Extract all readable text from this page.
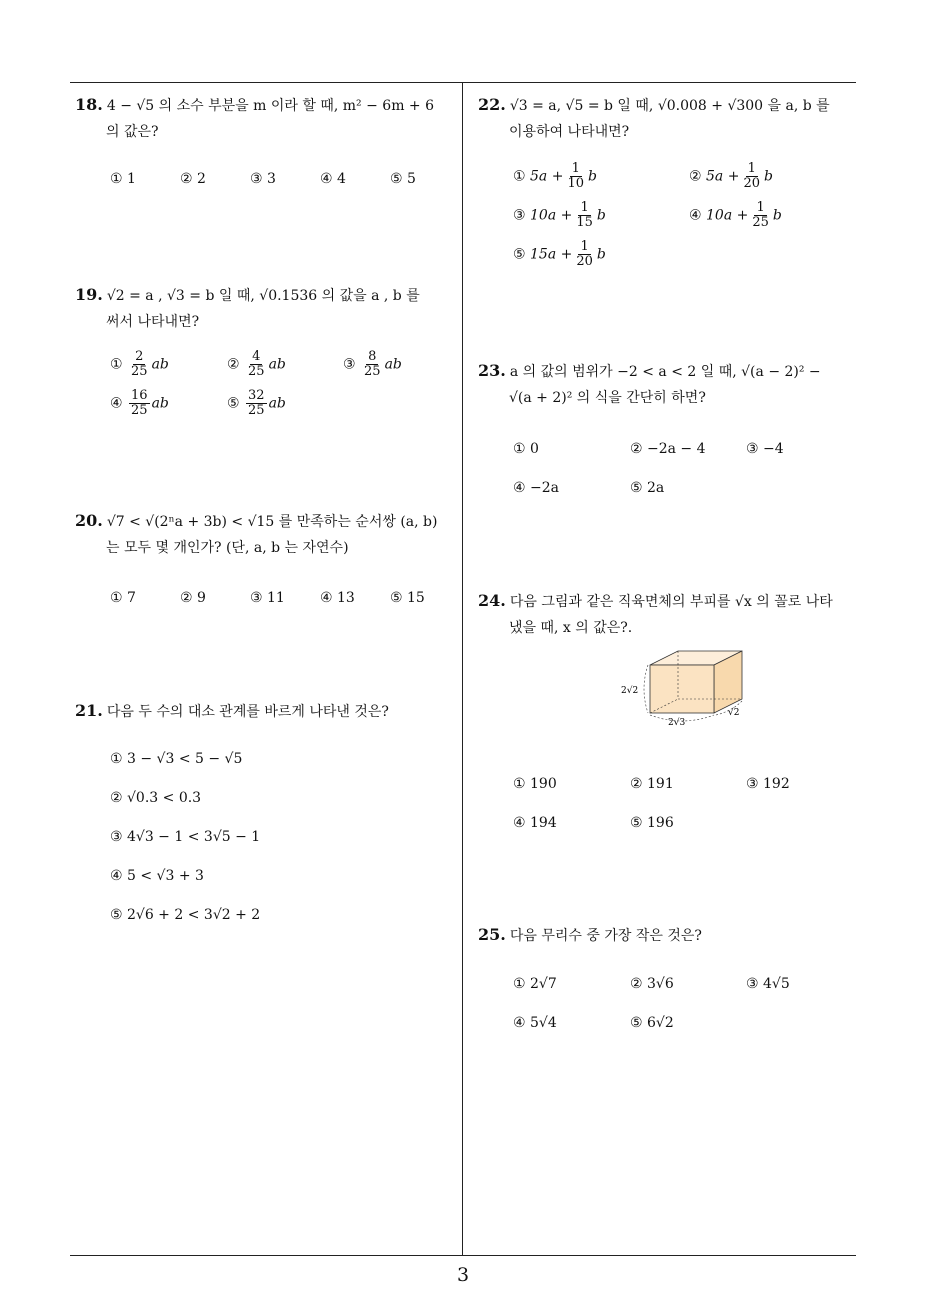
18. 4 − √5 의 소수 부분을 m 이라 할 때, m² − 6m + 6
의 값은?
① 1	② 2	③ 3	④ 4	⑤ 5
19. √2 = a , √3 = b 일 때, √0.1536 의 값을 a , b 를
써서 나타내면?
① $\frac{2}{25}$ ab	② $\frac{4}{25}$ ab	③ $\frac{8}{25}$ ab
④ $\frac{16}{25}$ ab	⑤ $\frac{32}{25}$ ab
20. √7 < √(2ⁿa + 3b) < √15 를 만족하는 순서쌍 (a, b)
는 모두 몇 개인가? (단, a, b 는 자연수)
① 7	② 9	③ 11	④ 13	⑤ 15
21. 다음 두 수의 대소 관계를 바르게 나타낸 것은?
① 3 − √3 < 5 − √5
② √0.3 < 0.3
③ 4√3 − 1 < 3√5 − 1
④ 5 < √3 + 3
⑤ 2√6 + 2 < 3√2 + 2
22. √3 = a, √5 = b 일 때, √0.008 + √300 을 a, b 를
이용하여 나타내면?
① $5a + \frac{1}{10}$ b	② $5a + \frac{1}{20}$ b
③ $10a + \frac{1}{15}$ b	④ $10a + \frac{1}{25}$ b
⑤ $15a + \frac{1}{20}$ b
23. a 의 값의 범위가 −2 < a < 2 일 때, √(a − 2)² −
√(a + 2)² 의 식을 간단히 하면?
① 0	② −2a − 4	③ −4
④ −2a	⑤ 2a
24. 다음 그림과 같은 직육면체의 부피를 √x 의 꼴로 나타
냈을 때, x 의 값은?.
2√2
2√3
√2
① 190	② 191	③ 192
④ 194	⑤ 196
25. 다음 무리수 중 가장 작은 것은?
① 2√7	② 3√6	③ 4√5
④ 5√4	⑤ 6√2
3
